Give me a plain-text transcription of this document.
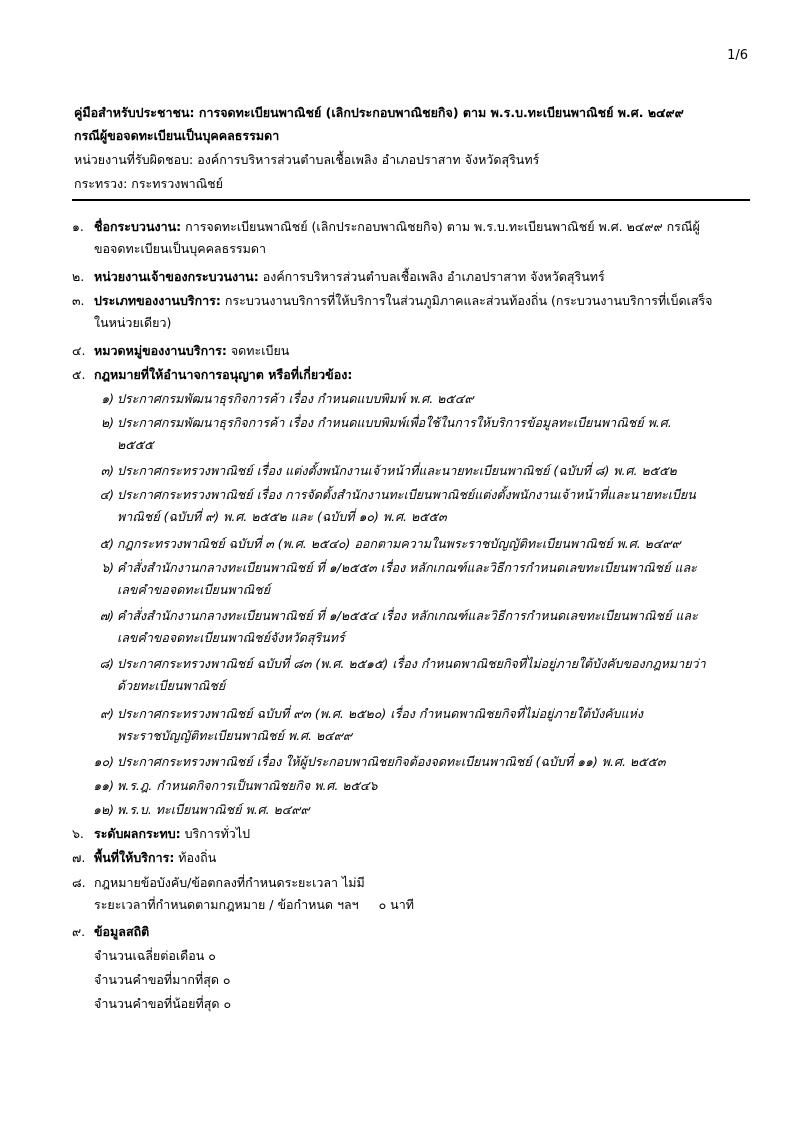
1/6
คู่มือสำหรับประชาชน: การจดทะเบียนพาณิชย์ (เลิกประกอบพาณิชยกิจ) ตาม พ.ร.บ.ทะเบียนพาณิชย์ พ.ศ. ๒๔๙๙
กรณีผู้ขอจดทะเบียนเป็นบุคคลธรรมดา
หน่วยงานที่รับผิดชอบ: องค์การบริหารส่วนตำบลเชื้อเพลิง อำเภอปราสาท จังหวัดสุรินทร์
กระทรวง: กระทรวงพาณิชย์
๑. ชื่อกระบวนงาน: การจดทะเบียนพาณิชย์ (เลิกประกอบพาณิชยกิจ) ตาม พ.ร.บ.ทะเบียนพาณิชย์ พ.ศ. ๒๔๙๙ กรณีผู้
ขอจดทะเบียนเป็นบุคคลธรรมดา
๒. หน่วยงานเจ้าของกระบวนงาน: องค์การบริหารส่วนตำบลเชื้อเพลิง อำเภอปราสาท จังหวัดสุรินทร์
๓. ประเภทของงานบริการ: กระบวนงานบริการที่ให้บริการในส่วนภูมิภาคและส่วนท้องถิ่น (กระบวนงานบริการที่เบ็ดเสร็จ
ในหน่วยเดียว)
๔. หมวดหมู่ของงานบริการ: จดทะเบียน
๕. กฎหมายที่ให้อำนาจการอนุญาต หรือที่เกี่ยวข้อง:
๑) ประกาศกรมพัฒนาธุรกิจการค้า เรื่อง กำหนดแบบพิมพ์ พ.ศ. ๒๕๔๙
๒) ประกาศกรมพัฒนาธุรกิจการค้า เรื่อง กำหนดแบบพิมพ์เพื่อใช้ในการให้บริการข้อมูลทะเบียนพาณิชย์ พ.ศ.
๒๕๕๕
๓) ประกาศกระทรวงพาณิชย์ เรื่อง แต่งตั้งพนักงานเจ้าหน้าที่และนายทะเบียนพาณิชย์ (ฉบับที่ ๘) พ.ศ. ๒๕๕๒
๔) ประกาศกระทรวงพาณิชย์ เรื่อง การจัดตั้งสำนักงานทะเบียนพาณิชย์แต่งตั้งพนักงานเจ้าหน้าที่และนายทะเบียน
พาณิชย์ (ฉบับที่ ๙) พ.ศ. ๒๕๕๒ และ (ฉบับที่ ๑๐) พ.ศ. ๒๕๕๓
๕) กฎกระทรวงพาณิชย์ ฉบับที่ ๓ (พ.ศ. ๒๕๔๐) ออกตามความในพระราชบัญญัติทะเบียนพาณิชย์ พ.ศ. ๒๔๙๙
๖) คำสั่งสำนักงานกลางทะเบียนพาณิชย์ ที่ ๑/๒๕๕๓ เรื่อง หลักเกณฑ์และวิธีการกำหนดเลขทะเบียนพาณิชย์ และ
เลขคำขอจดทะเบียนพาณิชย์
๗) คำสั่งสำนักงานกลางทะเบียนพาณิชย์ ที่ ๑/๒๕๕๔ เรื่อง หลักเกณฑ์และวิธีการกำหนดเลขทะเบียนพาณิชย์ และ
เลขคำขอจดทะเบียนพาณิชย์จังหวัดสุรินทร์
๘) ประกาศกระทรวงพาณิชย์ ฉบับที่ ๘๓ (พ.ศ. ๒๕๑๕) เรื่อง กำหนดพาณิชยกิจที่ไม่อยู่ภายใต้บังคับของกฎหมายว่า
ด้วยทะเบียนพาณิชย์
๙) ประกาศกระทรวงพาณิชย์ ฉบับที่ ๙๓ (พ.ศ. ๒๕๒๐) เรื่อง กำหนดพาณิชยกิจที่ไม่อยู่ภายใต้บังคับแห่ง
พระราชบัญญัติทะเบียนพาณิชย์ พ.ศ. ๒๔๙๙
๑๐) ประกาศกระทรวงพาณิชย์ เรื่อง ให้ผู้ประกอบพาณิชยกิจต้องจดทะเบียนพาณิชย์ (ฉบับที่ ๑๑) พ.ศ. ๒๕๕๓
๑๑) พ.ร.ฎ. กำหนดกิจการเป็นพาณิชยกิจ พ.ศ. ๒๕๔๖
๑๒) พ.ร.บ. ทะเบียนพาณิชย์ พ.ศ. ๒๔๙๙
๖. ระดับผลกระทบ: บริการทั่วไป
๗. พื้นที่ให้บริการ: ท้องถิ่น
๘. กฎหมายข้อบังคับ/ข้อตกลงที่กำหนดระยะเวลา ไม่มี
ระยะเวลาที่กำหนดตามกฎหมาย / ข้อกำหนด ฯลฯ     ๐ นาที
๙. ข้อมูลสถิติ
จำนวนเฉลี่ยต่อเดือน ๐
จำนวนคำขอที่มากที่สุด ๐
จำนวนคำขอที่น้อยที่สุด ๐
